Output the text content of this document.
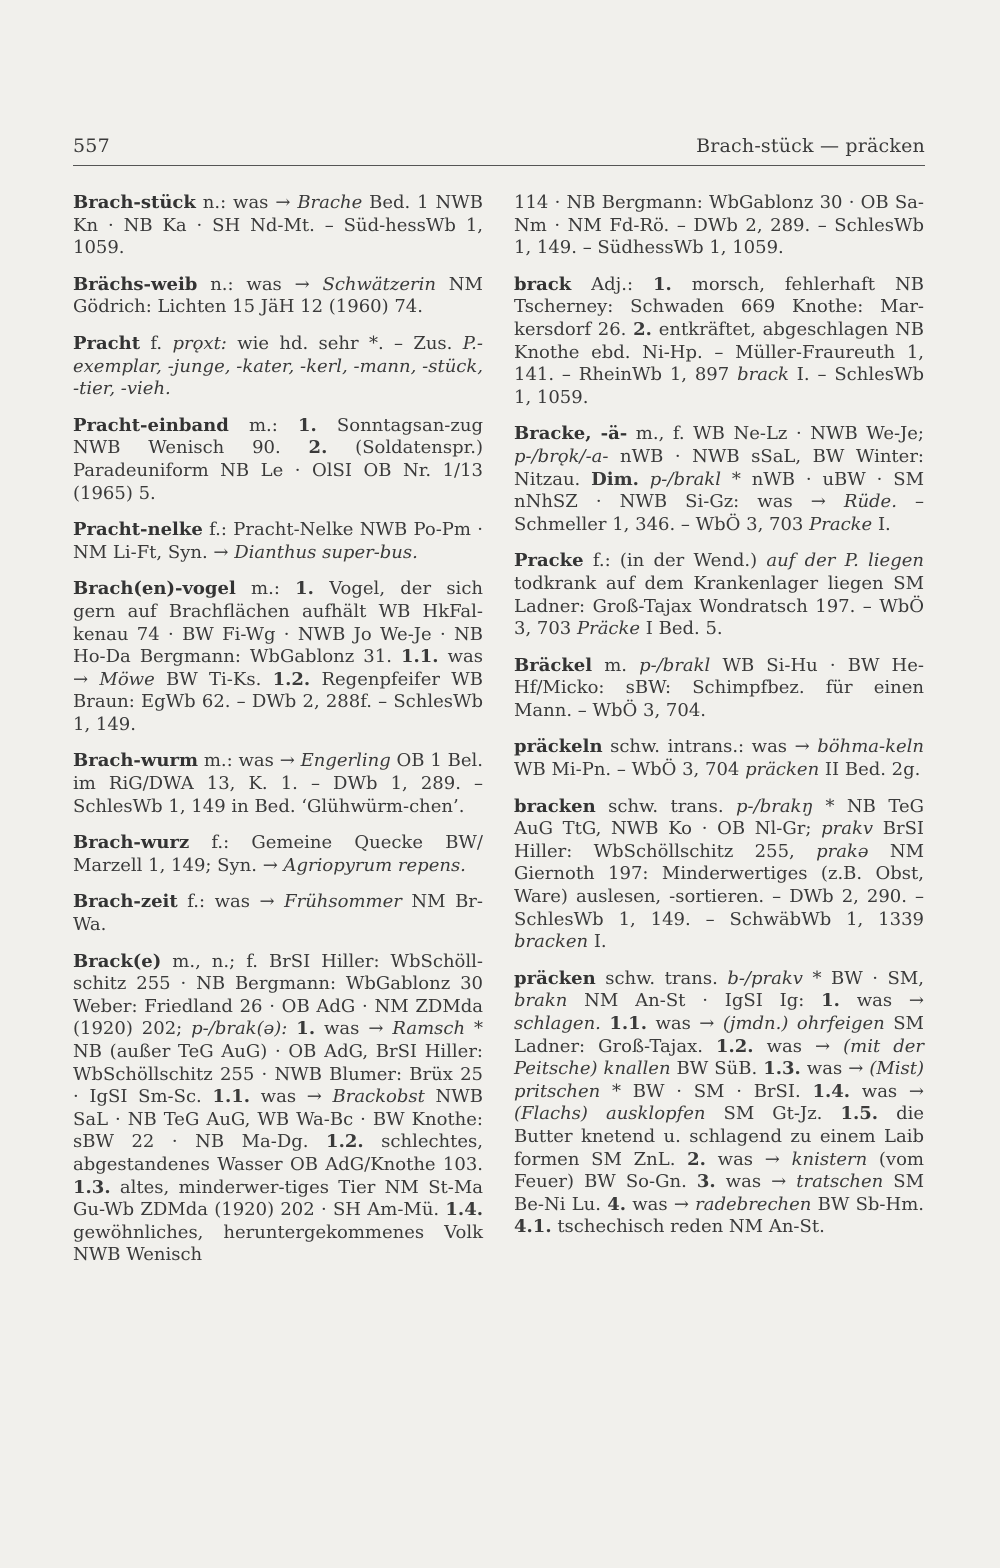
557	Brach-stück — präcken

Brach-stück n.: was → Brache Bed. 1 NWB Kn · NB Ka · SH Nd-Mt. – Süd-hessWb 1, 1059.

Brächs-weib n.: was → Schwätzerin NM Gödrich: Lichten 15 JäH 12 (1960) 74.

Pracht f. prǫxt: wie hd. sehr *. – Zus. P.-exemplar, -junge, -kater, -kerl, -mann, -stück, -tier, -vieh.

Pracht-einband m.: 1. Sonntagsan-zug NWB Wenisch 90. 2. (Soldatenspr.) Paradeuniform NB Le · OlSI OB Nr. 1/13 (1965) 5.

Pracht-nelke f.: Pracht-Nelke NWB Po-Pm · NM Li-Ft, Syn. → Dianthus super-bus.

Brach(en)-vogel m.: 1. Vogel, der sich gern auf Brachflächen aufhält WB HkFal-kenau 74 · BW Fi-Wg · NWB Jo We-Je · NB Ho-Da Bergmann: WbGablonz 31. 1.1. was → Möwe BW Ti-Ks. 1.2. Regenpfeifer WB Braun: EgWb 62. – DWb 2, 288f. – SchlesWb 1, 149.

Brach-wurm m.: was → Engerling OB 1 Bel. im RiG/DWA 13, K. 1. – DWb 1, 289. – SchlesWb 1, 149 in Bed. ‘Glühwürm-chen’.

Brach-wurz f.: Gemeine Quecke BW/ Marzell 1, 149; Syn. → Agriopyrum repens.

Brach-zeit f.: was → Frühsommer NM Br-Wa.

Brack(e) m., n.; f. BrSI Hiller: WbSchöll-schitz 255 · NB Bergmann: WbGablonz 30 Weber: Friedland 26 · OB AdG · NM ZDMda (1920) 202; p-/brak(ə): 1. was → Ramsch * NB (außer TeG AuG) · OB AdG, BrSI Hiller: WbSchöllschitz 255 · NWB Blumer: Brüx 25 · IgSI Sm-Sc. 1.1. was → Brackobst NWB SaL · NB TeG AuG, WB Wa-Bc · BW Knothe: sBW 22 · NB Ma-Dg. 1.2. schlechtes, abgestandenes Wasser OB AdG/Knothe 103. 1.3. altes, minderwer-tiges Tier NM St-Ma Gu-Wb ZDMda (1920) 202 · SH Am-Mü. 1.4. gewöhnliches, heruntergekommenes Volk NWB Wenisch

114 · NB Bergmann: WbGablonz 30 · OB Sa-Nm · NM Fd-Rö. – DWb 2, 289. – SchlesWb 1, 149. – SüdhessWb 1, 1059.

brack Adj.: 1. morsch, fehlerhaft NB Tscherney: Schwaden 669 Knothe: Mar-kersdorf 26. 2. entkräftet, abgeschlagen NB Knothe ebd. Ni-Hp. – Müller-Fraureuth 1, 141. – RheinWb 1, 897 brack I. – SchlesWb 1, 1059.

Bracke, -ä- m., f. WB Ne-Lz · NWB We-Je; p-/brǫk/-a- nWB · NWB sSaL, BW Winter: Nitzau. Dim. p-/brakl * nWB · uBW · SM nNhSZ · NWB Si-Gz: was → Rüde. – Schmeller 1, 346. – WbÖ 3, 703 Pracke I.

Pracke f.: (in der Wend.) auf der P. liegen todkrank auf dem Krankenlager liegen SM Ladner: Groß-Tajax Wondratsch 197. – WbÖ 3, 703 Präcke I Bed. 5.

Bräckel m. p-/brakl WB Si-Hu · BW He-Hf/Micko: sBW: Schimpfbez. für einen Mann. – WbÖ 3, 704.

präckeln schw. intrans.: was → böhma-keln WB Mi-Pn. – WbÖ 3, 704 präcken II Bed. 2g.

bracken schw. trans. p-/brakŋ * NB TeG AuG TtG, NWB Ko · OB Nl-Gr; prakv BrSI Hiller: WbSchöllschitz 255, prakə NM Giernoth 197: Minderwertiges (z.B. Obst, Ware) auslesen, -sortieren. – DWb 2, 290. – SchlesWb 1, 149. – SchwäbWb 1, 1339 bracken I.

präcken schw. trans. b-/prakv * BW · SM, brakn NM An-St · IgSI Ig: 1. was → schlagen. 1.1. was → (jmdn.) ohrfeigen SM Ladner: Groß-Tajax. 1.2. was → (mit der Peitsche) knallen BW SüB. 1.3. was → (Mist) pritschen * BW · SM · BrSI. 1.4. was → (Flachs) ausklopfen SM Gt-Jz. 1.5. die Butter knetend u. schlagend zu einem Laib formen SM ZnL. 2. was → knistern (vom Feuer) BW So-Gn. 3. was → tratschen SM Be-Ni Lu. 4. was → radebrechen BW Sb-Hm. 4.1. tschechisch reden NM An-St.
